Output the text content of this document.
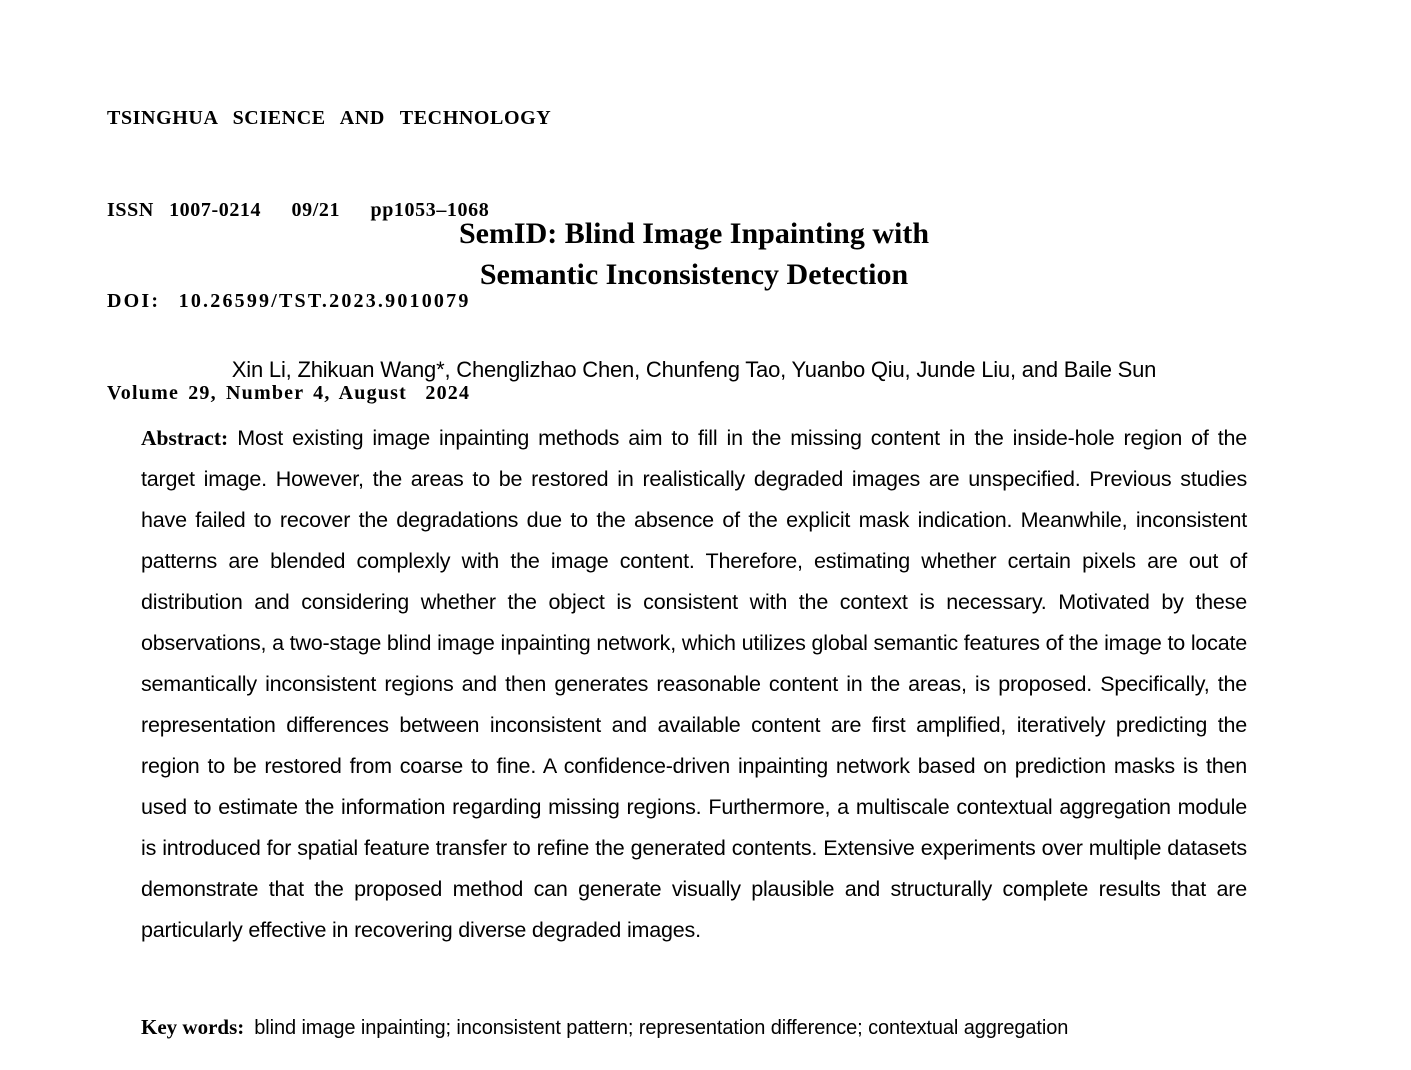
TSINGHUA  SCIENCE  AND  TECHNOLOGY

ISSN  1007-0214    09/21    pp1053–1068

DOI:  10.26599/TST.2023.9010079

Volume 29, Number 4, August  2024

SemID: Blind Image Inpainting with
Semantic Inconsistency Detection
Xin Li, Zhikuan Wang*, Chenglizhao Chen, Chunfeng Tao, Yuanbo Qiu, Junde Liu, and Baile Sun

Abstract: Most existing image inpainting methods aim to fill in the missing content in the inside-hole region of the target image. However, the areas to be restored in realistically degraded images are unspecified. Previous studies have failed to recover the degradations due to the absence of the explicit mask indication. Meanwhile, inconsistent patterns are blended complexly with the image content. Therefore, estimating whether certain pixels are out of distribution and considering whether the object is consistent with the context is necessary. Motivated by these observations, a two-stage blind image inpainting network, which utilizes global semantic features of the image to locate semantically inconsistent regions and then generates reasonable content in the areas, is proposed. Specifically, the representation differences between inconsistent and available content are first amplified, iteratively predicting the region to be restored from coarse to fine. A confidence-driven inpainting network based on prediction masks is then used to estimate the information regarding missing regions. Furthermore, a multiscale contextual aggregation module is introduced for spatial feature transfer to refine the generated contents. Extensive experiments over multiple datasets demonstrate that the proposed method can generate visually plausible and structurally complete results that are particularly effective in recovering diverse degraded images.

Key words: blind image inpainting; inconsistent pattern; representation difference; contextual aggregation
